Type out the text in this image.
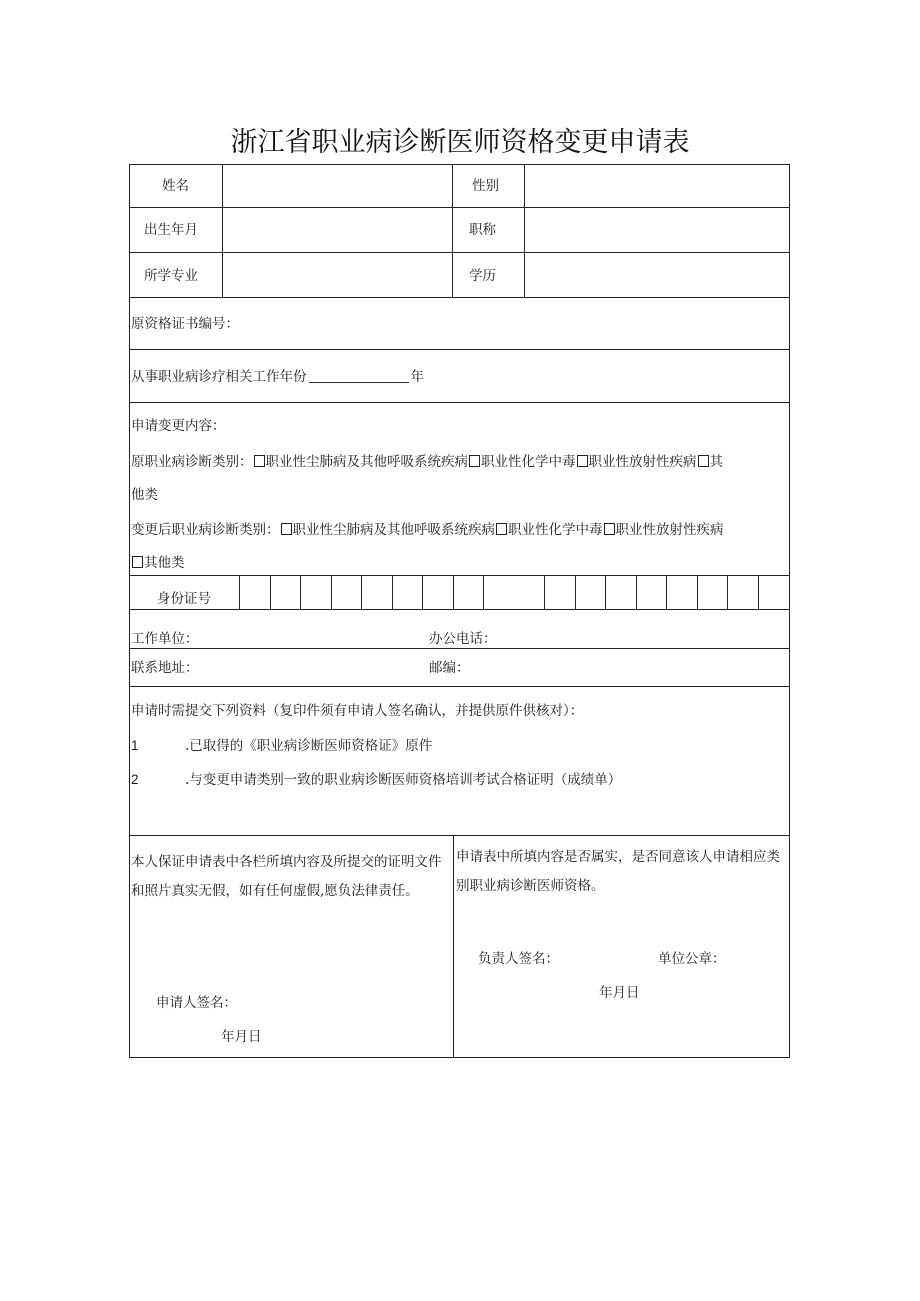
浙江省职业病诊断医师资格变更申请表
姓名	性别
出生年月	职称
所学专业	学历
原资格证书编号：
从事职业病诊疗相关工作年份	年
申请变更内容：
原职业病诊断类别： 职业性尘肺病及其他呼吸系统疾病 职业性化学中毒 职业性放射性疾病 其
他类
变更后职业病诊断类别： 职业性尘肺病及其他呼吸系统疾病 职业性化学中毒 职业性放射性疾病
其他类
身份证号
工作单位：	办公电话：
联系地址：	邮编：
申请时需提交下列资料（复印件须有申请人签名确认，并提供原件供核对）：
1	.已取得的《职业病诊断医师资格证》原件
2	.与变更申请类别一致的职业病诊断医师资格培训考试合格证明（成绩单）
本人保证申请表中各栏所填内容及所提交的证明文件和照片真实无假，如有任何虚假,愿负法律责任。
申请人签名：
年月日
申请表中所填内容是否属实，是否同意该人申请相应类别职业病诊断医师资格。
负责人签名：	单位公章：
年月日
